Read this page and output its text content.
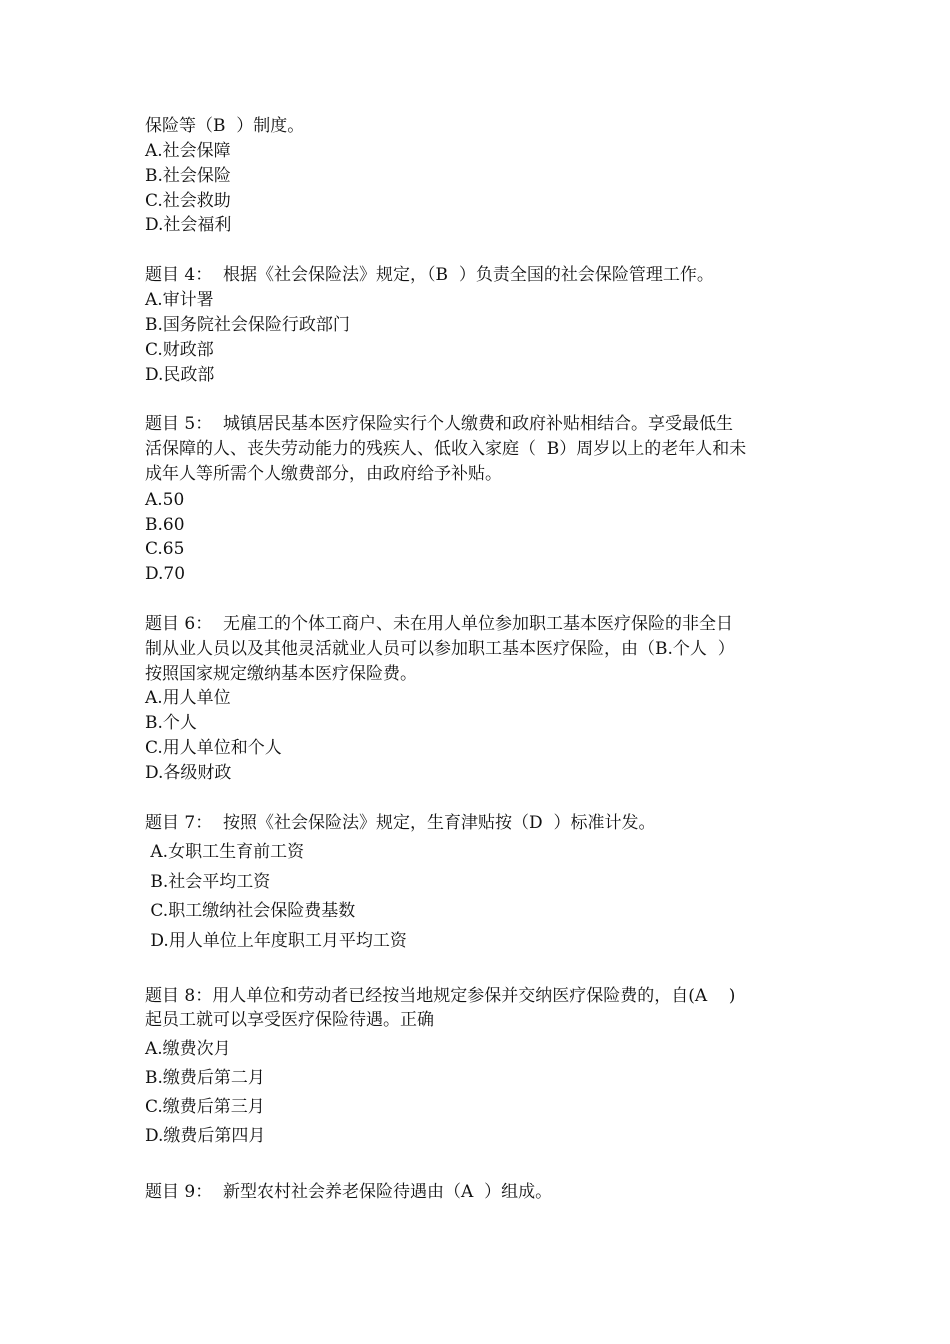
保险等（B  ）制度。
A.社会保障
B.社会保险
C.社会救助
D.社会福利
题目 4：  根据《社会保险法》规定，（B  ）负责全国的社会保险管理工作。
A.审计署
B.国务院社会保险行政部门
C.财政部
D.民政部
题目 5：  城镇居民基本医疗保险实行个人缴费和政府补贴相结合。享受最低生
活保障的人、丧失劳动能力的残疾人、低收入家庭（  B）周岁以上的老年人和未
成年人等所需个人缴费部分，由政府给予补贴。
A.50
B.60
C.65
D.70
题目 6：  无雇工的个体工商户、未在用人单位参加职工基本医疗保险的非全日
制从业人员以及其他灵活就业人员可以参加职工基本医疗保险，由（B.个人  ）
按照国家规定缴纳基本医疗保险费。
A.用人单位
B.个人
C.用人单位和个人
D.各级财政
题目 7：  按照《社会保险法》规定，生育津贴按（D  ）标准计发。
A.女职工生育前工资
B.社会平均工资
C.职工缴纳社会保险费基数
D.用人单位上年度职工月平均工资
题目 8：用人单位和劳动者已经按当地规定参保并交纳医疗保险费的，自(A    )
起员工就可以享受医疗保险待遇。正确
A.缴费次月
B.缴费后第二月
C.缴费后第三月
D.缴费后第四月
题目 9：  新型农村社会养老保险待遇由（A  ）组成。
